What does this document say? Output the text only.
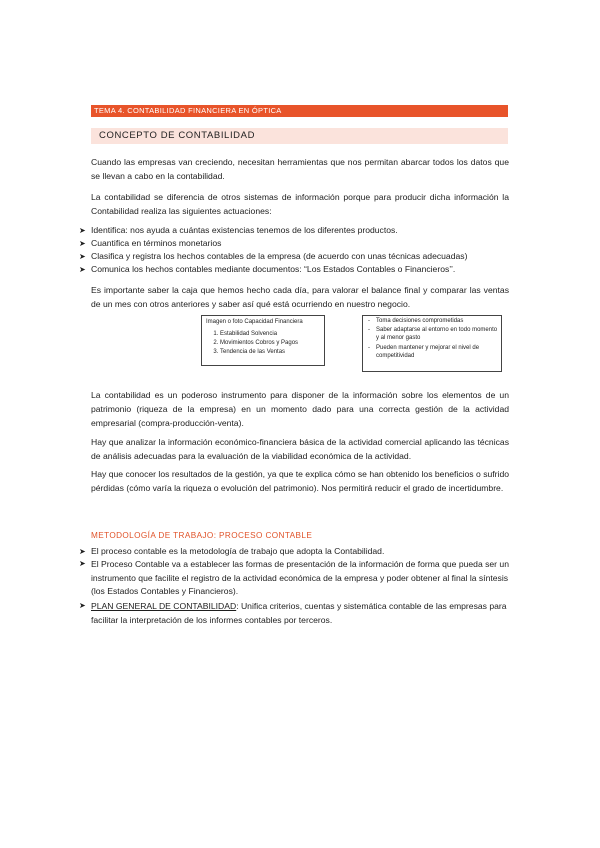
TEMA 4. CONTABILIDAD FINANCIERA EN ÓPTICA
CONCEPTO DE CONTABILIDAD
Cuando las empresas van creciendo, necesitan herramientas que nos permitan abarcar todos los datos que se llevan a cabo en la contabilidad.
La contabilidad se diferencia de otros sistemas de información porque para producir dicha información la Contabilidad realiza las siguientes actuaciones:
➤ Identifica: nos ayuda a cuántas existencias tenemos de los diferentes productos.
➤ Cuantifica en términos monetarios
➤ Clasifica y registra los hechos contables de la empresa (de acuerdo con unas técnicas adecuadas)
➤ Comunica los hechos contables mediante documentos: “Los Estados Contables o Financieros’’.
Es importante saber la caja que hemos hecho cada día, para valorar el balance final y comparar las ventas de un mes con otros anteriores y saber así qué está ocurriendo en nuestro negocio.
Imagen o foto Capacidad Financiera
1. Estabilidad Solvencia
2. Movimientos Cobros y Pagos
3. Tendencia de las Ventas
- Toma decisiones comprometidas
- Saber adaptarse al entorno en todo momento y al menor gasto
- Pueden mantener y mejorar el nivel de competitividad
La contabilidad es un poderoso instrumento para disponer de la información sobre los elementos de un patrimonio (riqueza de la empresa) en un momento dado para una correcta gestión de la actividad empresarial (compra-producción-venta).
Hay que analizar la información económico-financiera básica de la actividad comercial aplicando las técnicas de análisis adecuadas para la evaluación de la viabilidad económica de la actividad.
Hay que conocer los resultados de la gestión, ya que te explica cómo se han obtenido los beneficios o sufrido pérdidas (cómo varía la riqueza o evolución del patrimonio). Nos permitirá reducir el grado de incertidumbre.
METODOLOGÍA DE TRABAJO: PROCESO CONTABLE
➤ El proceso contable es la metodología de trabajo que adopta la Contabilidad.
➤ El Proceso Contable va a establecer las formas de presentación de la información de forma que pueda ser un instrumento que facilite el registro de la actividad económica de la empresa y poder obtener al final la síntesis (los Estados Contables y Financieros).
➤ PLAN GENERAL DE CONTABILIDAD: Unifica criterios, cuentas y sistemática contable de las empresas para facilitar la interpretación de los informes contables por terceros.
